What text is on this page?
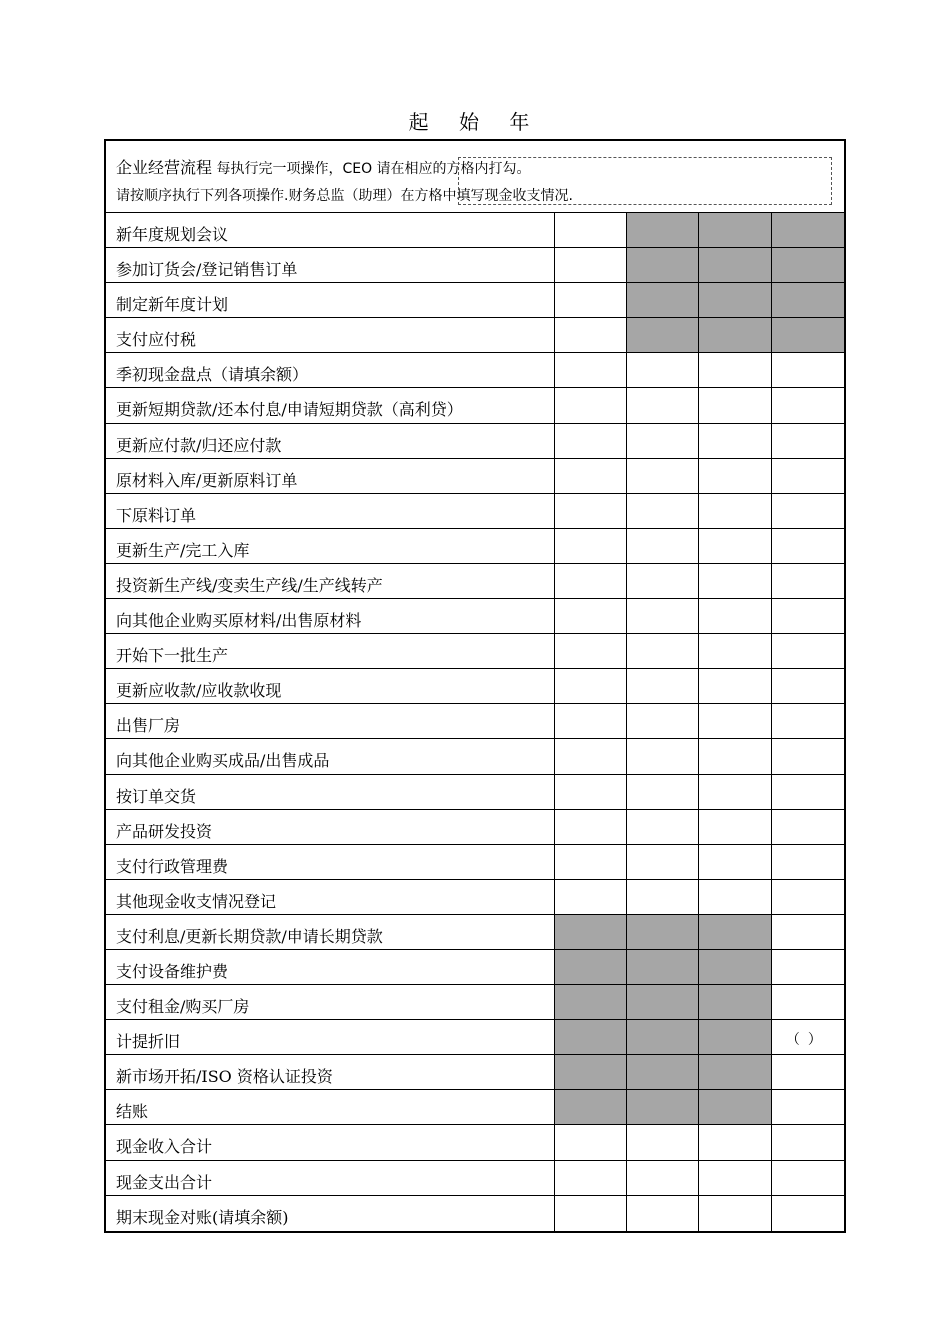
起 始 年
企业经营流程 每执行完一项操作，CEO 请在相应的方格内打勾。
请按顺序执行下列各项操作.财务总监（助理）在方格中填写现金收支情况.
新年度规划会议
参加订货会/登记销售订单
制定新年度计划
支付应付税
季初现金盘点（请填余额）
更新短期贷款/还本付息/申请短期贷款（高利贷）
更新应付款/归还应付款
原材料入库/更新原料订单
下原料订单
更新生产/完工入库
投资新生产线/变卖生产线/生产线转产
向其他企业购买原材料/出售原材料
开始下一批生产
更新应收款/应收款收现
出售厂房
向其他企业购买成品/出售成品
按订单交货
产品研发投资
支付行政管理费
其他现金收支情况登记
支付利息/更新长期贷款/申请长期贷款
支付设备维护费
支付租金/购买厂房
计提折旧	（）
新市场开拓/ISO 资格认证投资
结账
现金收入合计
现金支出合计
期末现金对账(请填余额)
